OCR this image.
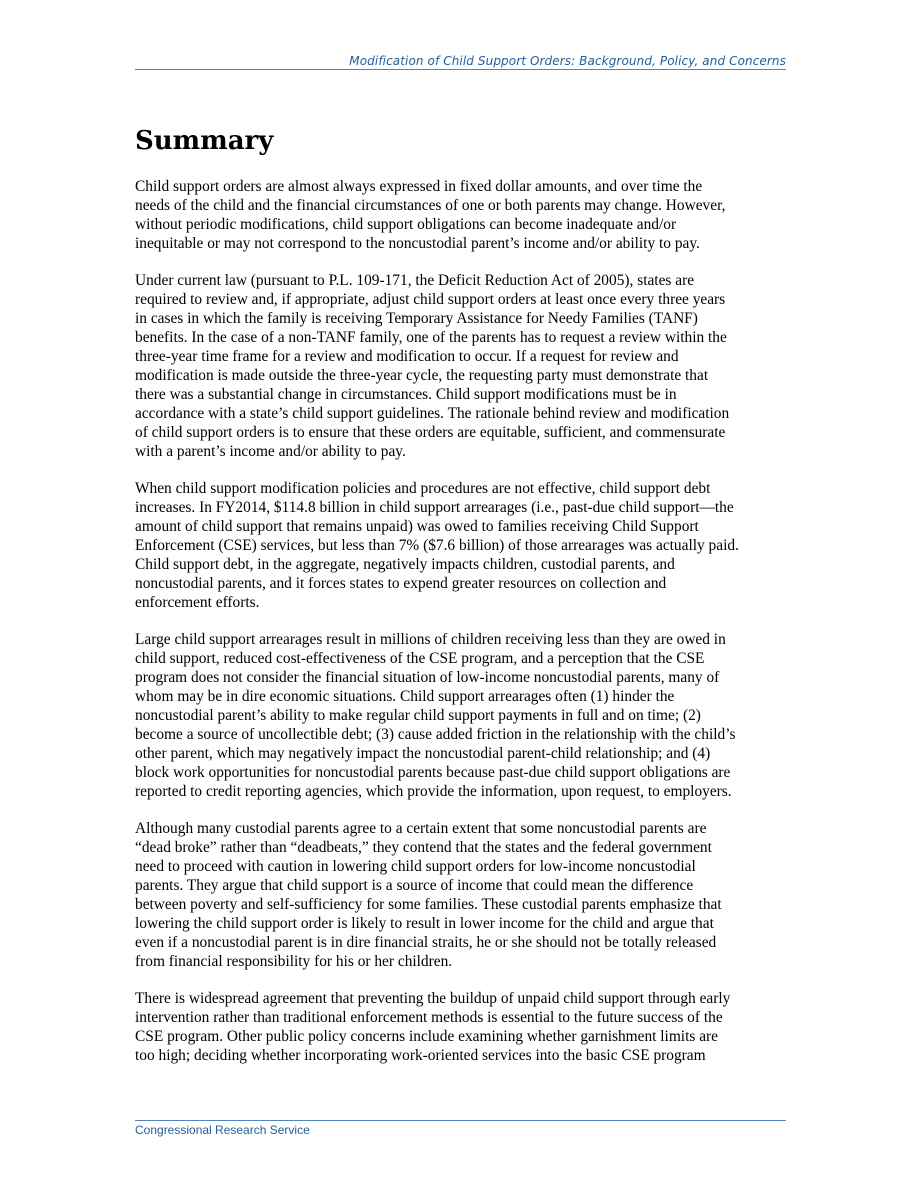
Modification of Child Support Orders: Background, Policy, and Concerns
Summary

Child support orders are almost always expressed in fixed dollar amounts, and over time the
needs of the child and the financial circumstances of one or both parents may change. However,
without periodic modifications, child support obligations can become inadequate and/or
inequitable or may not correspond to the noncustodial parent’s income and/or ability to pay.

Under current law (pursuant to P.L. 109-171, the Deficit Reduction Act of 2005), states are
required to review and, if appropriate, adjust child support orders at least once every three years
in cases in which the family is receiving Temporary Assistance for Needy Families (TANF)
benefits. In the case of a non-TANF family, one of the parents has to request a review within the
three-year time frame for a review and modification to occur. If a request for review and
modification is made outside the three-year cycle, the requesting party must demonstrate that
there was a substantial change in circumstances. Child support modifications must be in
accordance with a state’s child support guidelines. The rationale behind review and modification
of child support orders is to ensure that these orders are equitable, sufficient, and commensurate
with a parent’s income and/or ability to pay.

When child support modification policies and procedures are not effective, child support debt
increases. In FY2014, $114.8 billion in child support arrearages (i.e., past-due child support—the
amount of child support that remains unpaid) was owed to families receiving Child Support
Enforcement (CSE) services, but less than 7% ($7.6 billion) of those arrearages was actually paid.
Child support debt, in the aggregate, negatively impacts children, custodial parents, and
noncustodial parents, and it forces states to expend greater resources on collection and
enforcement efforts.

Large child support arrearages result in millions of children receiving less than they are owed in
child support, reduced cost-effectiveness of the CSE program, and a perception that the CSE
program does not consider the financial situation of low-income noncustodial parents, many of
whom may be in dire economic situations. Child support arrearages often (1) hinder the
noncustodial parent’s ability to make regular child support payments in full and on time; (2)
become a source of uncollectible debt; (3) cause added friction in the relationship with the child’s
other parent, which may negatively impact the noncustodial parent-child relationship; and (4)
block work opportunities for noncustodial parents because past-due child support obligations are
reported to credit reporting agencies, which provide the information, upon request, to employers.

Although many custodial parents agree to a certain extent that some noncustodial parents are
“dead broke” rather than “deadbeats,” they contend that the states and the federal government
need to proceed with caution in lowering child support orders for low-income noncustodial
parents. They argue that child support is a source of income that could mean the difference
between poverty and self-sufficiency for some families. These custodial parents emphasize that
lowering the child support order is likely to result in lower income for the child and argue that
even if a noncustodial parent is in dire financial straits, he or she should not be totally released
from financial responsibility for his or her children.

There is widespread agreement that preventing the buildup of unpaid child support through early
intervention rather than traditional enforcement methods is essential to the future success of the
CSE program. Other public policy concerns include examining whether garnishment limits are
too high; deciding whether incorporating work-oriented services into the basic CSE program

Congressional Research Service
